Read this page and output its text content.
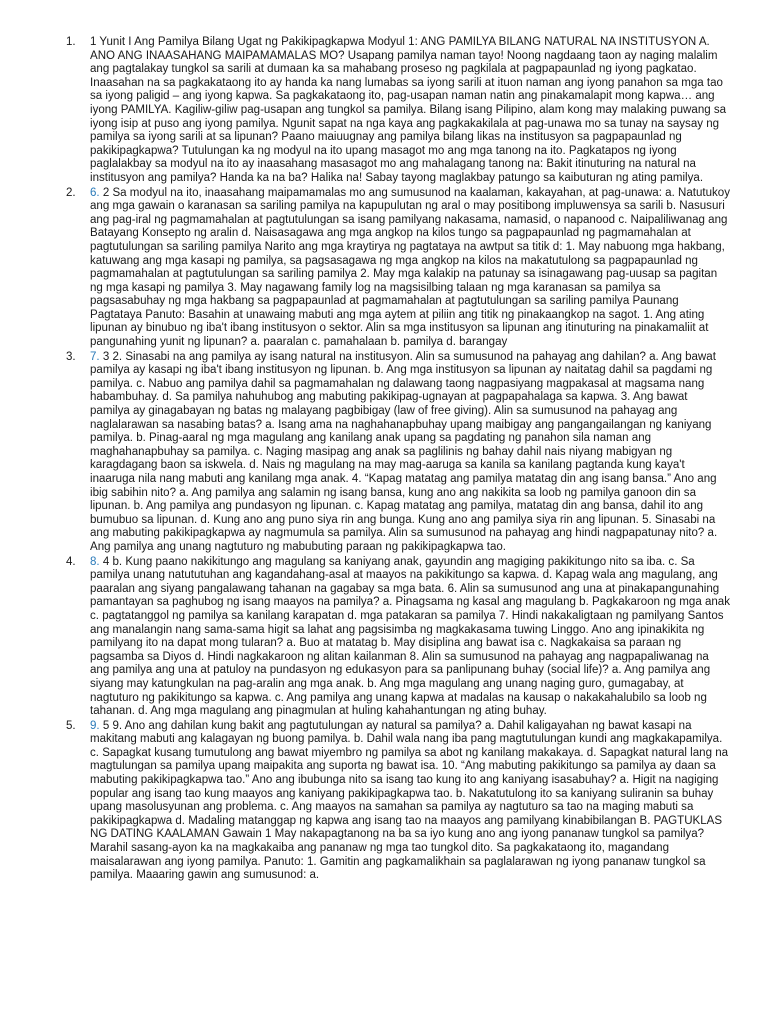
1.	1 Yunit I Ang Pamilya Bilang Ugat ng Pakikipagkapwa Modyul 1: ANG PAMILYA BILANG NATURAL NA INSTITUSYON A. ANO ANG INAASAHANG MAIPAMAMALAS MO? Usapang pamilya naman tayo! Noong nagdaang taon ay naging malalim ang pagtalakay tungkol sa sarili at dumaan ka sa mahabang proseso ng pagkilala at pagpapaunlad ng iyong pagkatao. Inaasahan na sa pagkakataong ito ay handa ka nang lumabas sa iyong sarili at ituon naman ang iyong panahon sa mga tao sa iyong paligid – ang iyong kapwa. Sa pagkakataong ito, pag-usapan naman natin ang pinakamalapit mong kapwa… ang iyong PAMILYA. Kagiliw-giliw pag-usapan ang tungkol sa pamilya. Bilang isang Pilipino, alam kong may malaking puwang sa iyong isip at puso ang iyong pamilya. Ngunit sapat na nga kaya ang pagkakakilala at pag-unawa mo sa tunay na saysay ng pamilya sa iyong sarili at sa lipunan? Paano maiuugnay ang pamilya bilang likas na institusyon sa pagpapaunlad ng pakikipagkapwa? Tutulungan ka ng modyul na ito upang masagot mo ang mga tanong na ito. Pagkatapos ng iyong paglalakbay sa modyul na ito ay inaasahang masasagot mo ang mahalagang tanong na: Bakit itinuturing na natural na institusyon ang pamilya? Handa ka na ba? Halika na! Sabay tayong maglakbay patungo sa kaibuturan ng ating pamilya.
2.	6. 2 Sa modyul na ito, inaasahang maipamamalas mo ang sumusunod na kaalaman, kakayahan, at pag-unawa: a. Natutukoy ang mga gawain o karanasan sa sariling pamilya na kapupulutan ng aral o may positibong impluwensya sa sarili b. Nasusuri ang pag-iral ng pagmamahalan at pagtutulungan sa isang pamilyang nakasama, namasid, o napanood c. Naipaliliwanag ang Batayang Konsepto ng aralin d. Naisasagawa ang mga angkop na kilos tungo sa pagpapaunlad ng pagmamahalan at pagtutulungan sa sariling pamilya Narito ang mga kraytirya ng pagtataya na awtput sa titik d: 1. May nabuong mga hakbang, katuwang ang mga kasapi ng pamilya, sa pagsasagawa ng mga angkop na kilos na makatutulong sa pagpapaunlad ng pagmamahalan at pagtutulungan sa sariling pamilya 2. May mga kalakip na patunay sa isinagawang pag-uusap sa pagitan ng mga kasapi ng pamilya 3. May nagawang family log na magsisilbing talaan ng mga karanasan sa pamilya sa pagsasabuhay ng mga hakbang sa pagpapaunlad at pagmamahalan at pagtutulungan sa sariling pamilya Paunang Pagtataya Panuto: Basahin at unawaing mabuti ang mga aytem at piliin ang titik ng pinakaangkop na sagot. 1. Ang ating lipunan ay binubuo ng iba't ibang institusyon o sektor. Alin sa mga institusyon sa lipunan ang itinuturing na pinakamaliit at pangunahing yunit ng lipunan? a. paaralan c. pamahalaan b. pamilya d. barangay
3.	7. 3 2. Sinasabi na ang pamilya ay isang natural na institusyon. Alin sa sumusunod na pahayag ang dahilan? a. Ang bawat pamilya ay kasapi ng iba't ibang institusyon ng lipunan. b. Ang mga institusyon sa lipunan ay naitatag dahil sa pagdami ng pamilya. c. Nabuo ang pamilya dahil sa pagmamahalan ng dalawang taong nagpasiyang magpakasal at magsama nang habambuhay. d. Sa pamilya nahuhubog ang mabuting pakikipag-ugnayan at pagpapahalaga sa kapwa. 3. Ang bawat pamilya ay ginagabayan ng batas ng malayang pagbibigay (law of free giving). Alin sa sumusunod na pahayag ang naglalarawan sa nasabing batas? a. Isang ama na naghahanapbuhay upang maibigay ang pangangailangan ng kaniyang pamilya. b. Pinag-aaral ng mga magulang ang kanilang anak upang sa pagdating ng panahon sila naman ang maghahanapbuhay sa pamilya. c. Naging masipag ang anak sa paglilinis ng bahay dahil nais niyang mabigyan ng karagdagang baon sa iskwela. d. Nais ng magulang na may mag-aaruga sa kanila sa kanilang pagtanda kung kaya't inaaruga nila nang mabuti ang kanilang mga anak. 4. “Kapag matatag ang pamilya matatag din ang isang bansa.” Ano ang ibig sabihin nito? a. Ang pamilya ang salamin ng isang bansa, kung ano ang nakikita sa loob ng pamilya ganoon din sa lipunan. b. Ang pamilya ang pundasyon ng lipunan. c. Kapag matatag ang pamilya, matatag din ang bansa, dahil ito ang bumubuo sa lipunan. d. Kung ano ang puno siya rin ang bunga. Kung ano ang pamilya siya rin ang lipunan. 5. Sinasabi na ang mabuting pakikipagkapwa ay nagmumula sa pamilya. Alin sa sumusunod na pahayag ang hindi nagpapatunay nito? a. Ang pamilya ang unang nagtuturo ng mabubuting paraan ng pakikipagkapwa tao.
4.	8. 4 b. Kung paano nakikitungo ang magulang sa kaniyang anak, gayundin ang magiging pakikitungo nito sa iba. c. Sa pamilya unang natututuhan ang kagandahang-asal at maayos na pakikitungo sa kapwa. d. Kapag wala ang magulang, ang paaralan ang siyang pangalawang tahanan na gagabay sa mga bata. 6. Alin sa sumusunod ang una at pinakapangunahing pamantayan sa paghubog ng isang maayos na pamilya? a. Pinagsama ng kasal ang magulang b. Pagkakaroon ng mga anak c. pagtatanggol ng pamilya sa kanilang karapatan d. mga patakaran sa pamilya 7. Hindi nakakaligtaan ng pamilyang Santos ang manalangin nang sama-sama higit sa lahat ang pagsisimba ng magkakasama tuwing Linggo. Ano ang ipinakikita ng pamilyang ito na dapat mong tularan? a. Buo at matatag b. May disiplina ang bawat isa c. Nagkakaisa sa paraan ng pagsamba sa Diyos d. Hindi nagkakaroon ng alitan kailanman 8. Alin sa sumusunod na pahayag ang nagpapaliwanag na ang pamilya ang una at patuloy na pundasyon ng edukasyon para sa panlipunang buhay (social life)? a. Ang pamilya ang siyang may katungkulan na pag-aralin ang mga anak. b. Ang mga magulang ang unang naging guro, gumagabay, at nagtuturo ng pakikitungo sa kapwa. c. Ang pamilya ang unang kapwa at madalas na kausap o nakakahalubilo sa loob ng tahanan. d. Ang mga magulang ang pinagmulan at huling kahahantungan ng ating buhay.
5.	9. 5 9. Ano ang dahilan kung bakit ang pagtutulungan ay natural sa pamilya? a. Dahil kaligayahan ng bawat kasapi na makitang mabuti ang kalagayan ng buong pamilya. b. Dahil wala nang iba pang magtutulungan kundi ang magkakapamilya. c. Sapagkat kusang tumutulong ang bawat miyembro ng pamilya sa abot ng kanilang makakaya. d. Sapagkat natural lang na magtulungan sa pamilya upang maipakita ang suporta ng bawat isa. 10. “Ang mabuting pakikitungo sa pamilya ay daan sa mabuting pakikipagkapwa tao.” Ano ang ibubunga nito sa isang tao kung ito ang kaniyang isasabuhay? a. Higit na nagiging popular ang isang tao kung maayos ang kaniyang pakikipagkapwa tao. b. Nakatutulong ito sa kaniyang suliranin sa buhay upang masolusyunan ang problema. c. Ang maayos na samahan sa pamilya ay nagtuturo sa tao na maging mabuti sa pakikipagkapwa d. Madaling matanggap ng kapwa ang isang tao na maayos ang pamilyang kinabibilangan B. PAGTUKLAS NG DATING KAALAMAN Gawain 1 May nakapagtanong na ba sa iyo kung ano ang iyong pananaw tungkol sa pamilya? Marahil sasang-ayon ka na magkakaiba ang pananaw ng mga tao tungkol dito. Sa pagkakataong ito, magandang maisalarawan ang iyong pamilya. Panuto: 1. Gamitin ang pagkamalikhain sa paglalarawan ng iyong pananaw tungkol sa pamilya. Maaaring gawin ang sumusunod: a.
